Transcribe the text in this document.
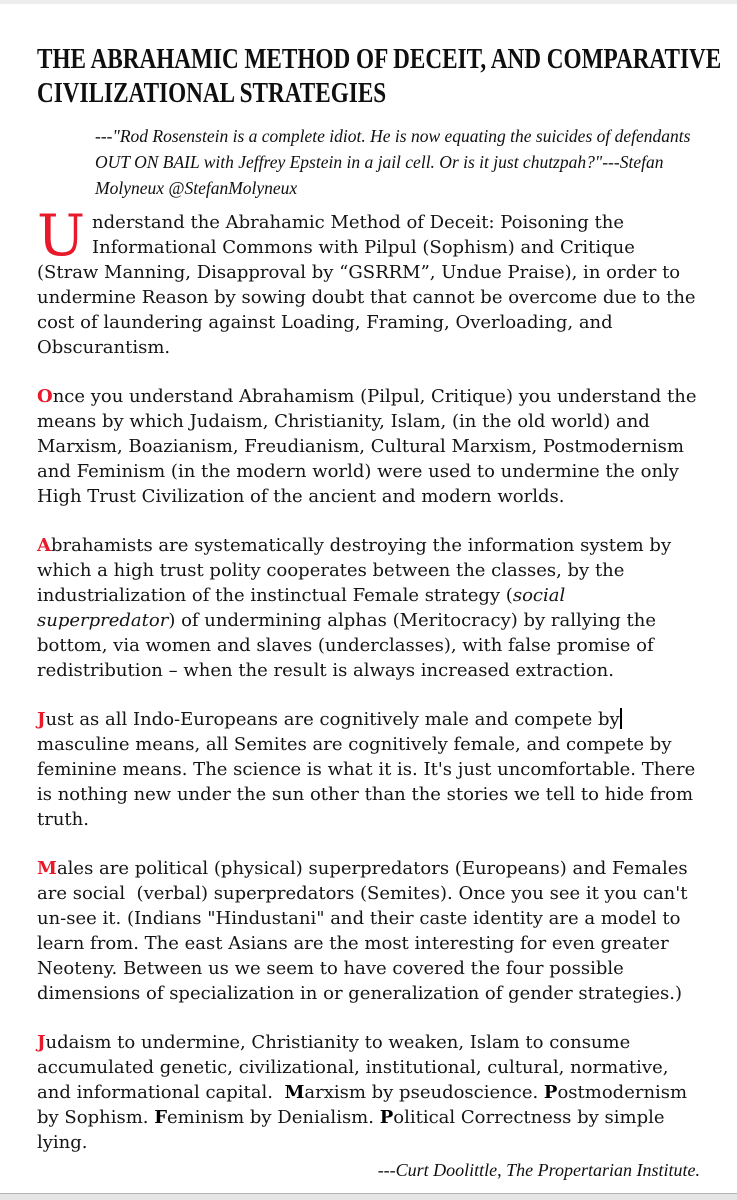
THE ABRAHAMIC METHOD OF DECEIT, AND COMPARATIVE
CIVILIZATIONAL STRATEGIES
---"Rod Rosenstein is a complete idiot. He is now equating the suicides of defendants OUT ON BAIL with Jeffrey Epstein in a jail cell. Or is it just chutzpah?"---Stefan Molyneux @StefanMolyneux

Understand the Abrahamic Method of Deceit: Poisoning the Informational Commons with Pilpul (Sophism) and Critique (Straw Manning, Disapproval by “GSRRM”, Undue Praise), in order to undermine Reason by sowing doubt that cannot be overcome due to the cost of laundering against Loading, Framing, Overloading, and Obscurantism.

Once you understand Abrahamism (Pilpul, Critique) you understand the means by which Judaism, Christianity, Islam, (in the old world) and Marxism, Boazianism, Freudianism, Cultural Marxism, Postmodernism and Feminism (in the modern world) were used to undermine the only High Trust Civilization of the ancient and modern worlds.

Abrahamists are systematically destroying the information system by which a high trust polity cooperates between the classes, by the industrialization of the instinctual Female strategy (social superpredator) of undermining alphas (Meritocracy) by rallying the bottom, via women and slaves (underclasses), with false promise of redistribution – when the result is always increased extraction.

Just as all Indo-Europeans are cognitively male and compete by masculine means, all Semites are cognitively female, and compete by feminine means. The science is what it is. It's just uncomfortable. There is nothing new under the sun other than the stories we tell to hide from truth.

Males are political (physical) superpredators (Europeans) and Females are social  (verbal) superpredators (Semites). Once you see it you can't un-see it. (Indians "Hindustani" and their caste identity are a model to learn from. The east Asians are the most interesting for even greater Neoteny. Between us we seem to have covered the four possible dimensions of specialization in or generalization of gender strategies.)

Judaism to undermine, Christianity to weaken, Islam to consume accumulated genetic, civilizational, institutional, cultural, normative, and informational capital.  Marxism by pseudoscience. Postmodernism by Sophism. Feminism by Denialism. Political Correctness by simple lying.

---Curt Doolittle, The Propertarian Institute.
